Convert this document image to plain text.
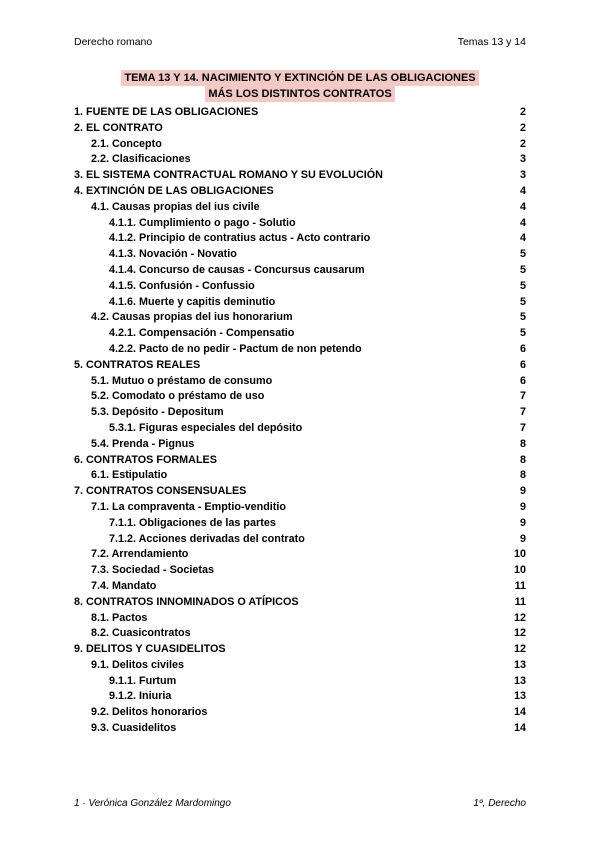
Derecho romano	Temas 13 y 14
TEMA 13 Y 14. NACIMIENTO Y EXTINCIÓN DE LAS OBLIGACIONES
MÁS LOS DISTINTOS CONTRATOS
1. FUENTE DE LAS OBLIGACIONES	2
2. EL CONTRATO	2
2.1. Concepto	2
2.2. Clasificaciones	3
3. EL SISTEMA CONTRACTUAL ROMANO Y SU EVOLUCIÓN	3
4. EXTINCIÓN DE LAS OBLIGACIONES	4
4.1. Causas propias del ius civile	4
4.1.1. Cumplimiento o pago - Solutio	4
4.1.2. Principio de contratius actus - Acto contrario	4
4.1.3. Novación - Novatio	5
4.1.4. Concurso de causas - Concursus causarum	5
4.1.5. Confusión - Confussio	5
4.1.6. Muerte y capitis deminutio	5
4.2. Causas propias del ius honorarium	5
4.2.1. Compensación - Compensatio	5
4.2.2. Pacto de no pedir - Pactum de non petendo	6
5. CONTRATOS REALES	6
5.1. Mutuo o préstamo de consumo	6
5.2. Comodato o préstamo de uso	7
5.3. Depósito - Depositum	7
5.3.1. Figuras especiales del depósito	7
5.4. Prenda - Pignus	8
6. CONTRATOS FORMALES	8
6.1. Estipulatio	8
7. CONTRATOS CONSENSUALES	9
7.1. La compraventa - Emptio-venditio	9
7.1.1. Obligaciones de las partes	9
7.1.2. Acciones derivadas del contrato	9
7.2. Arrendamiento	10
7.3. Sociedad - Societas	10
7.4. Mandato	11
8. CONTRATOS INNOMINADOS O ATÍPICOS	11
8.1. Pactos	12
8.2. Cuasicontratos	12
9. DELITOS Y CUASIDELITOS	12
9.1. Delitos civiles	13
9.1.1. Furtum	13
9.1.2. Iniuria	13
9.2. Delitos honorarios	14
9.3. Cuasidelitos	14
1 · Verónica González Mardomingo	1º, Derecho
